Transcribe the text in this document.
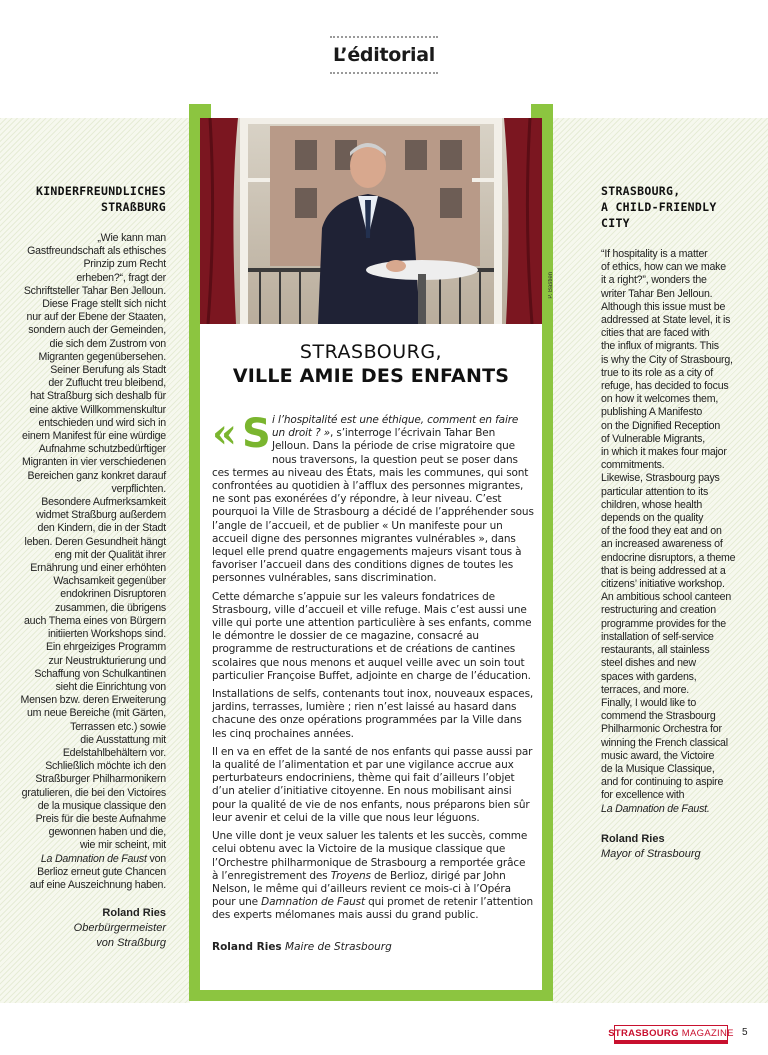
L’éditorial
P. Bastien
STRASBOURG,
VILLE AMIE DES ENFANTS

« S i l’hospitalité est une éthique, comment en faire un droit ? », s’interroge l’écrivain Tahar Ben Jelloun. Dans la période de crise migratoire que nous traversons, la question peut se poser dans ces termes au niveau des États, mais les communes, qui sont confrontées au quotidien à l’afflux des personnes migrantes, ne sont pas exonérées d’y répondre, à leur niveau. C’est pourquoi la Ville de Strasbourg a décidé de l’appréhender sous l’angle de l’accueil, et de publier « Un manifeste pour un accueil digne des personnes migrantes vulnérables », dans lequel elle prend quatre engagements majeurs visant tous à favoriser l’accueil dans des conditions dignes de toutes les personnes vulnérables, sans discrimination.

Cette démarche s’appuie sur les valeurs fondatrices de Strasbourg, ville d’accueil et ville refuge. Mais c’est aussi une ville qui porte une attention particulière à ses enfants, comme le démontre le dossier de ce magazine, consacré au programme de restructurations et de créations de cantines scolaires que nous menons et auquel veille avec un soin tout particulier Françoise Buffet, adjointe en charge de l’éducation.

Installations de selfs, contenants tout inox, nouveaux espaces, jardins, terrasses, lumière ; rien n’est laissé au hasard dans chacune des onze opérations programmées par la Ville dans les cinq prochaines années.

Il en va en effet de la santé de nos enfants qui passe aussi par la qualité de l’alimentation et par une vigilance accrue aux perturbateurs endocriniens, thème qui fait d’ailleurs l’objet d’un atelier d’initiative citoyenne. En nous mobilisant ainsi pour la qualité de vie de nos enfants, nous préparons bien sûr leur avenir et celui de la ville que nous leur léguons.

Une ville dont je veux saluer les talents et les succès, comme celui obtenu avec la Victoire de la musique classique que l’Orchestre philharmonique de Strasbourg a remportée grâce à l’enregistrement des Troyens de Berlioz, dirigé par John Nelson, le même qui d’ailleurs revient ce mois-ci à l’Opéra pour une Damnation de Faust qui promet de retenir l’attention des experts mélomanes mais aussi du grand public.

Roland Ries Maire de Strasbourg
KINDERFREUNDLICHES
STRAßBURG
„Wie kann man
Gastfreundschaft als ethisches
Prinzip zum Recht
erheben?“, fragt der
Schriftsteller Tahar Ben Jelloun.
Diese Frage stellt sich nicht
nur auf der Ebene der Staaten,
sondern auch der Gemeinden,
die sich dem Zustrom von
Migranten gegenübersehen.
Seiner Berufung als Stadt
der Zuflucht treu bleibend,
hat Straßburg sich deshalb für
eine aktive Willkommenskultur
entschieden und wird sich in
einem Manifest für eine würdige
Aufnahme schutzbedürftiger
Migranten in vier verschiedenen
Bereichen ganz konkret darauf
verpflichten.
Besondere Aufmerksamkeit
widmet Straßburg außerdem
den Kindern, die in der Stadt
leben. Deren Gesundheit hängt
eng mit der Qualität ihrer
Ernährung und einer erhöhten
Wachsamkeit gegenüber
endokrinen Disruptoren
zusammen, die übrigens
auch Thema eines von Bürgern
initiierten Workshops sind.
Ein ehrgeiziges Programm
zur Neustrukturierung und
Schaffung von Schulkantinen
sieht die Einrichtung von
Mensen bzw. deren Erweiterung
um neue Bereiche (mit Gärten,
Terrassen etc.) sowie
die Ausstattung mit
Edelstahlbehältern vor.
Schließlich möchte ich den
Straßburger Philharmonikern
gratulieren, die bei den Victoires
de la musique classique den
Preis für die beste Aufnahme
gewonnen haben und die,
wie mir scheint, mit
La Damnation de Faust von
Berlioz erneut gute Chancen
auf eine Auszeichnung haben.
Roland Ries
Oberbürgermeister
von Straßburg
STRASBOURG,
A CHILD-FRIENDLY
CITY
“If hospitality is a matter
of ethics, how can we make
it a right?”, wonders the
writer Tahar Ben Jelloun.
Although this issue must be
addressed at State level, it is
cities that are faced with
the influx of migrants. This
is why the City of Strasbourg,
true to its role as a city of
refuge, has decided to focus
on how it welcomes them,
publishing A Manifesto
on the Dignified Reception
of Vulnerable Migrants,
in which it makes four major
commitments.
Likewise, Strasbourg pays
particular attention to its
children, whose health
depends on the quality
of the food they eat and on
an increased awareness of
endocrine disruptors, a theme
that is being addressed at a
citizens’ initiative workshop.
An ambitious school canteen
restructuring and creation
programme provides for the
installation of self-service
restaurants, all stainless
steel dishes and new
spaces with gardens,
terraces, and more.
Finally, I would like to
commend the Strasbourg
Philharmonic Orchestra for
winning the French classical
music award, the Victoire
de la Musique Classique,
and for continuing to aspire
for excellence with
La Damnation de Faust.
Roland Ries
Mayor of Strasbourg
STRASBOURG MAGAZINE 5
